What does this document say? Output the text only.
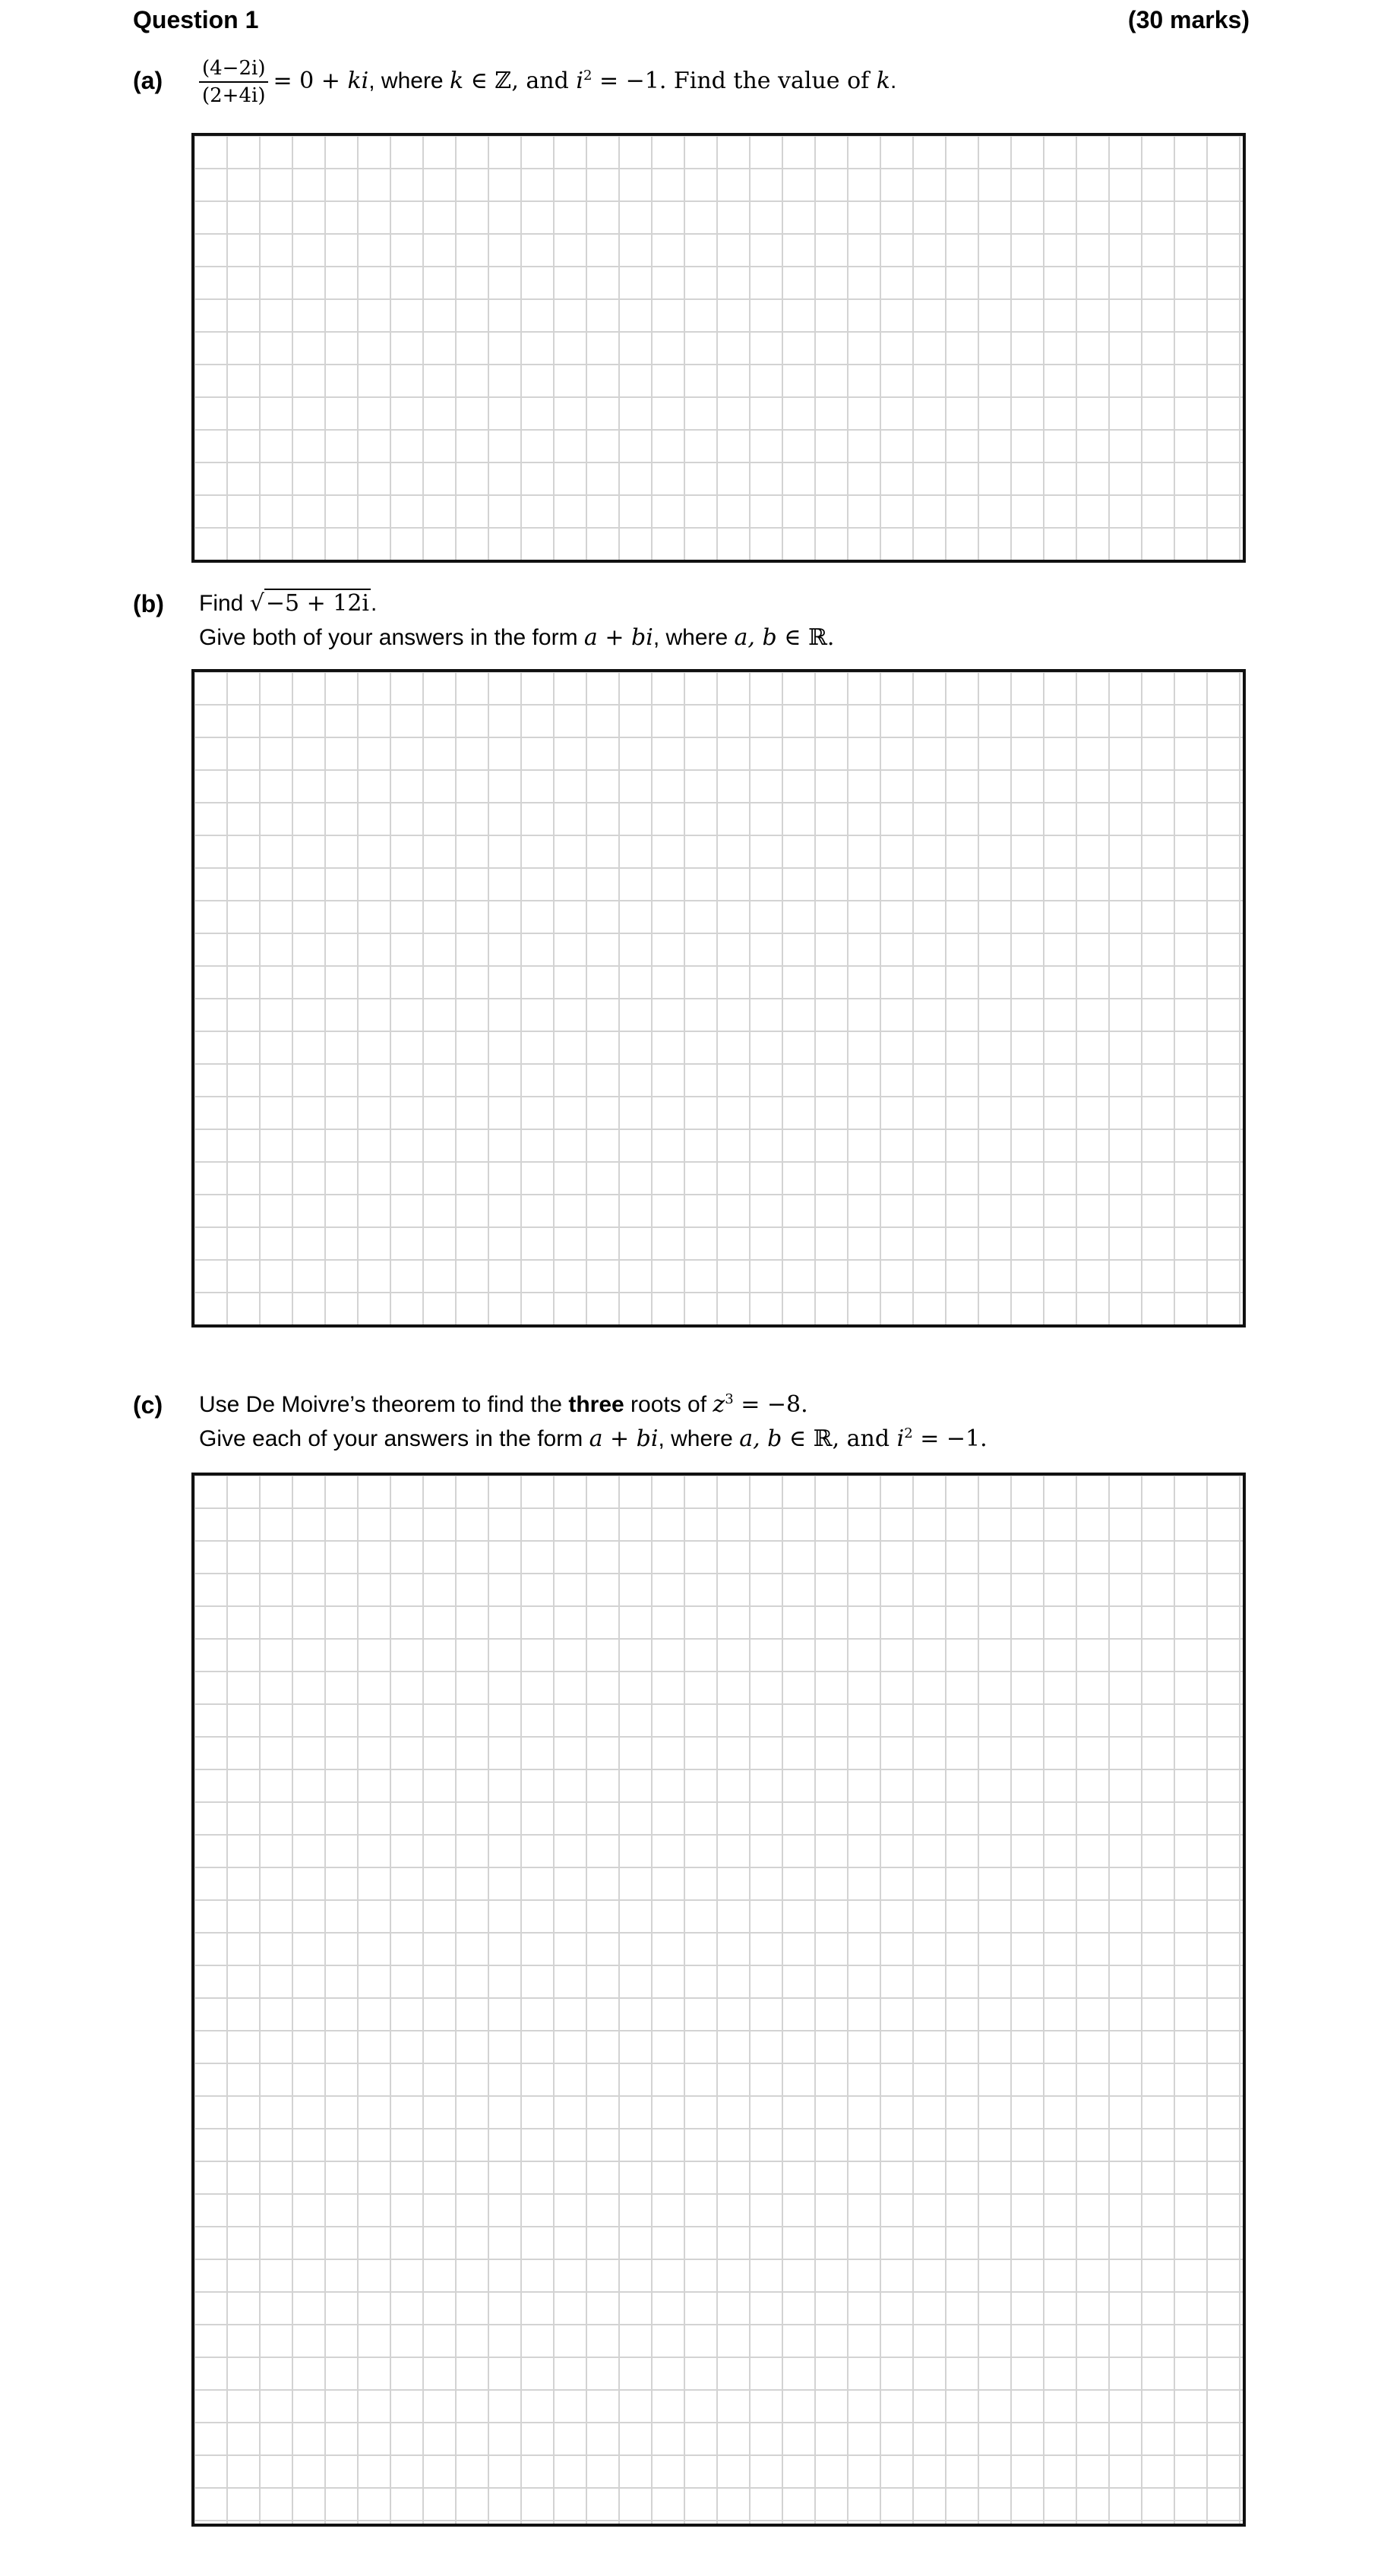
Question 1	(30 marks)
$(a) \frac{(4-2i)}{(2+4i)} = 0$ + ki, where k ∈ ℤ, and $i^2 = -1$. Find the value of k.
(b) Find √−5 + 12i.
Give both of your answers in the form a + bi, where a, b ∈ ℝ.
(c) Use De Moivre’s theorem to find the three roots of $z^3 = -8$.
Give each of your answers in the form a + bi, where a, b ∈ ℝ, and $i^2 = -1$.
